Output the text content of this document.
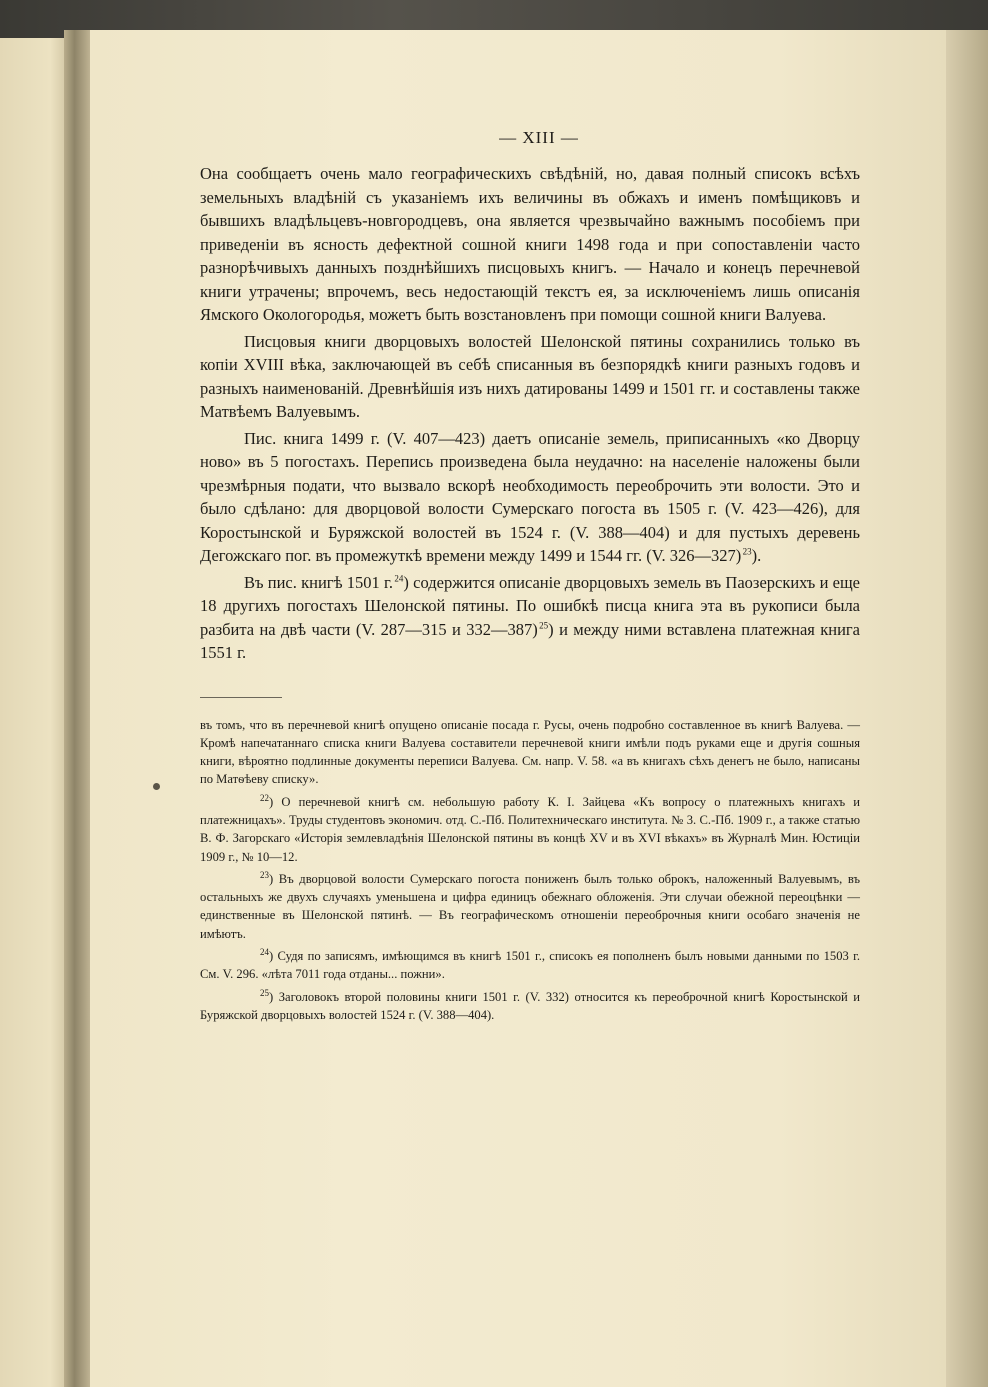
— XIII —

Она сообщаетъ очень мало географическихъ свѣдѣній, но, давая полный списокъ всѣхъ земельныхъ владѣній съ указаніемъ ихъ величины въ обжахъ и именъ помѣщиковъ и бывшихъ владѣльцевъ-новгородцевъ, она является чрезвычайно важнымъ пособіемъ при приведеніи въ ясность дефектной сошной книги 1498 года и при сопоставленіи часто разнорѣчивыхъ данныхъ позднѣйшихъ писцовыхъ книгъ. — Начало и конецъ перечневой книги утрачены; впрочемъ, весь недостающій текстъ ея, за исключеніемъ лишь описанія Ямского Окологородья, можетъ быть возстановленъ при помощи сошной книги Валуева.

Писцовыя книги дворцовыхъ волостей Шелонской пятины сохранились только въ копіи XVIII вѣка, заключающей въ себѣ списанныя въ безпорядкѣ книги разныхъ годовъ и разныхъ наименованій. Древнѣйшія изъ нихъ датированы 1499 и 1501 гг. и составлены также Матвѣемъ Валуевымъ.

Пис. книга 1499 г. (V. 407—423) даетъ описаніе земель, приписанныхъ «ко Дворцу ново» въ 5 погостахъ. Перепись произведена была неудачно: на населеніе наложены были чрезмѣрныя подати, что вызвало вскорѣ необходимость переоброчить эти волости. Это и было сдѣлано: для дворцовой волости Сумерскаго погоста въ 1505 г. (V. 423—426), для Коростынской и Буряжской волостей въ 1524 г. (V. 388—404) и для пустыхъ деревень Дегожскаго пог. въ промежуткѣ времени между 1499 и 1544 гг. (V. 326—327) $^{23}$).

Въ пис. книгѣ 1501 г. $^{24}$) содержится описаніе дворцовыхъ земель въ Паозерскихъ и еще 18 другихъ погостахъ Шелонской пятины. По ошибкѣ писца книга эта въ рукописи была разбита на двѣ части (V. 287—315 и 332—387) $^{25}$) и между ними вставлена платежная книга 1551 г.

въ томъ, что въ перечневой книгѣ опущено описаніе посада г. Русы, очень подробно составленное въ книгѣ Валуева. — Кромѣ напечатаннаго списка книги Валуева составители перечневой книги имѣли подъ руками еще и другія сошныя книги, вѣроятно подлинные документы переписи Валуева. См. напр. V. 58. «а въ книгахъ сѣхъ денегъ не было, написаны по Матѳѣеву списку».

$^{22}$) О перечневой книгѣ см. небольшую работу К. I. Зайцева «Къ вопросу о платежныхъ книгахъ и платежницахъ». Труды студентовъ экономич. отд. С.-Пб. Политехническаго института. № 3. С.-Пб. 1909 г., а также статью В. Ф. Загорскаго «Исторія землевладѣнія Шелонской пятины въ концѣ XV и въ XVI вѣкахъ» въ Журналѣ Мин. Юстиціи 1909 г., № 10—12.

$^{23}$) Въ дворцовой волости Сумерскаго погоста пониженъ былъ только оброкъ, наложенный Валуевымъ, въ остальныхъ же двухъ случаяхъ уменьшена и цифра единицъ обежнаго обложенія. Эти случаи обежной переоцѣнки — единственные въ Шелонской пятинѣ. — Въ географическомъ отношеніи переоброчныя книги особаго значенія не имѣютъ.

$^{24}$) Судя по записямъ, имѣющимся въ книгѣ 1501 г., списокъ ея пополненъ былъ новыми данными по 1503 г. См. V. 296. «лѣта 7011 года отданы... пожни».

$^{25}$) Заголовокъ второй половины книги 1501 г. (V. 332) относится къ переоброчной книгѣ Коростынской и Буряжской дворцовыхъ волостей 1524 г. (V. 388—404).
